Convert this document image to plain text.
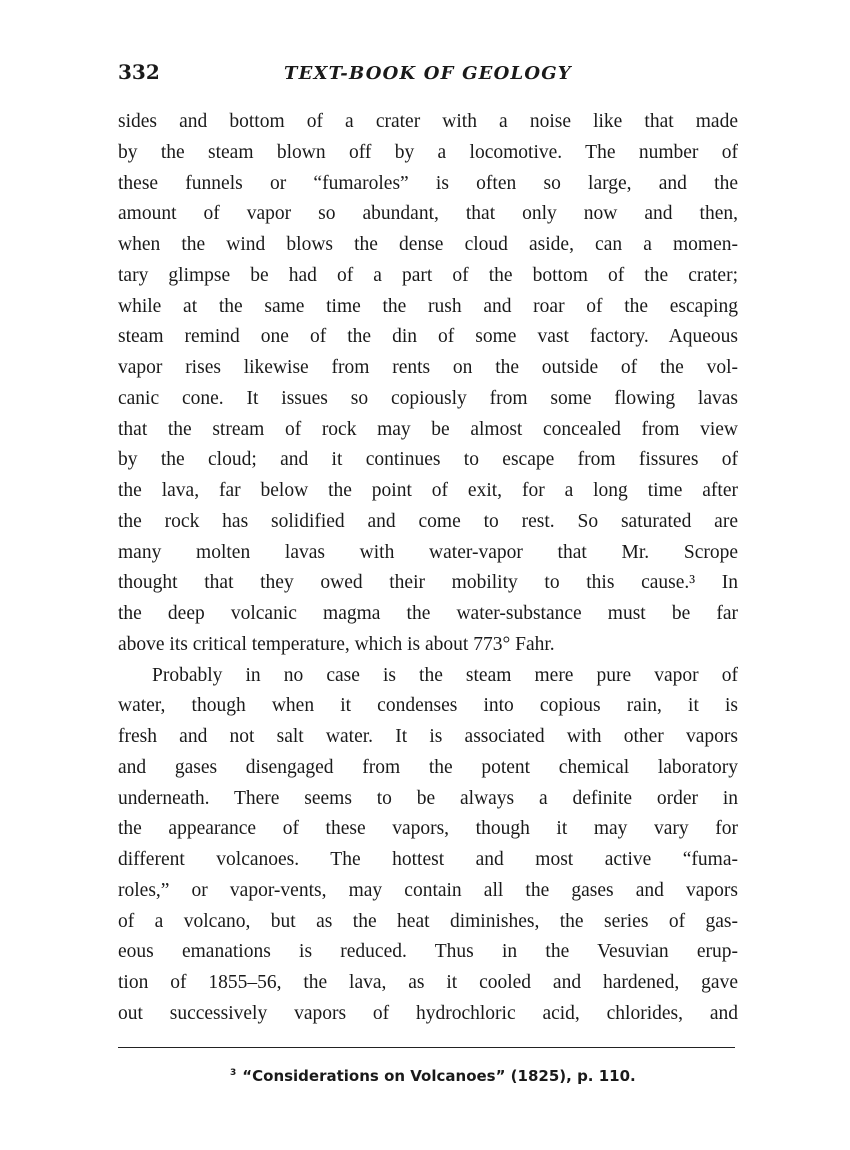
332	TEXT-BOOK OF GEOLOGY
sides and bottom of a crater with a noise like that made
by the steam blown off by a locomotive. The number of
these funnels or “fumaroles” is often so large, and the
amount of vapor so abundant, that only now and then,
when the wind blows the dense cloud aside, can a momen-
tary glimpse be had of a part of the bottom of the crater;
while at the same time the rush and roar of the escaping
steam remind one of the din of some vast factory. Aqueous
vapor rises likewise from rents on the outside of the vol-
canic cone. It issues so copiously from some flowing lavas
that the stream of rock may be almost concealed from view
by the cloud; and it continues to escape from fissures of
the lava, far below the point of exit, for a long time after
the rock has solidified and come to rest. So saturated are
many molten lavas with water-vapor that Mr. Scrope
thought that they owed their mobility to this cause.³ In
the deep volcanic magma the water-substance must be far
above its critical temperature, which is about 773° Fahr.
Probably in no case is the steam mere pure vapor of
water, though when it condenses into copious rain, it is
fresh and not salt water. It is associated with other vapors
and gases disengaged from the potent chemical laboratory
underneath. There seems to be always a definite order in
the appearance of these vapors, though it may vary for
different volcanoes. The hottest and most active “fuma-
roles,” or vapor-vents, may contain all the gases and vapors
of a volcano, but as the heat diminishes, the series of gas-
eous emanations is reduced. Thus in the Vesuvian erup-
tion of 1855–56, the lava, as it cooled and hardened, gave
out successively vapors of hydrochloric acid, chlorides, and
$^3$ “Considerations on Volcanoes” (1825), p. 110.
